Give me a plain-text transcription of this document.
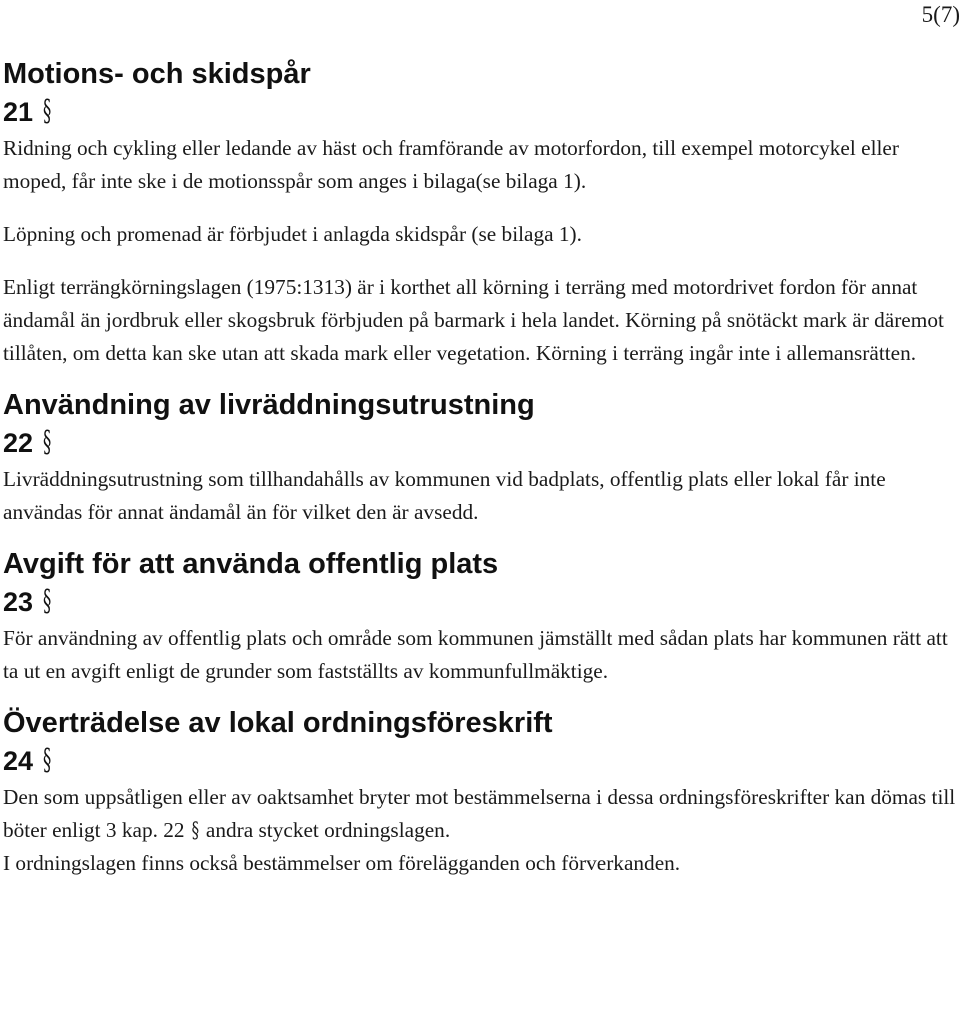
5(7)
Motions- och skidspår
21 §

Ridning och cykling eller ledande av häst och framförande av motorfordon, till exempel motorcykel eller moped, får inte ske i de motionsspår som anges i bilaga(se bilaga 1).

Löpning och promenad är förbjudet i anlagda skidspår (se bilaga 1).

Enligt terrängkörningslagen (1975:1313) är i korthet all körning i terräng med motordrivet fordon för annat ändamål än jordbruk eller skogsbruk förbjuden på barmark i hela landet. Körning på snötäckt mark är däremot tillåten, om detta kan ske utan att skada mark eller vegetation. Körning i terräng ingår inte i allemansrätten.

Användning av livräddningsutrustning
22 §

Livräddningsutrustning som tillhandahålls av kommunen vid badplats, offentlig plats eller lokal får inte användas för annat ändamål än för vilket den är avsedd.

Avgift för att använda offentlig plats
23 §

För användning av offentlig plats och område som kommunen jämställt med sådan plats har kommunen rätt att ta ut en avgift enligt de grunder som fastställts av kommunfullmäktige.

Överträdelse av lokal ordningsföreskrift
24 §

Den som uppsåtligen eller av oaktsamhet bryter mot bestämmelserna i dessa ordningsföreskrifter kan dömas till böter enligt 3 kap. 22 § andra stycket ordningslagen.

I ordningslagen finns också bestämmelser om förelägganden och förverkanden.
